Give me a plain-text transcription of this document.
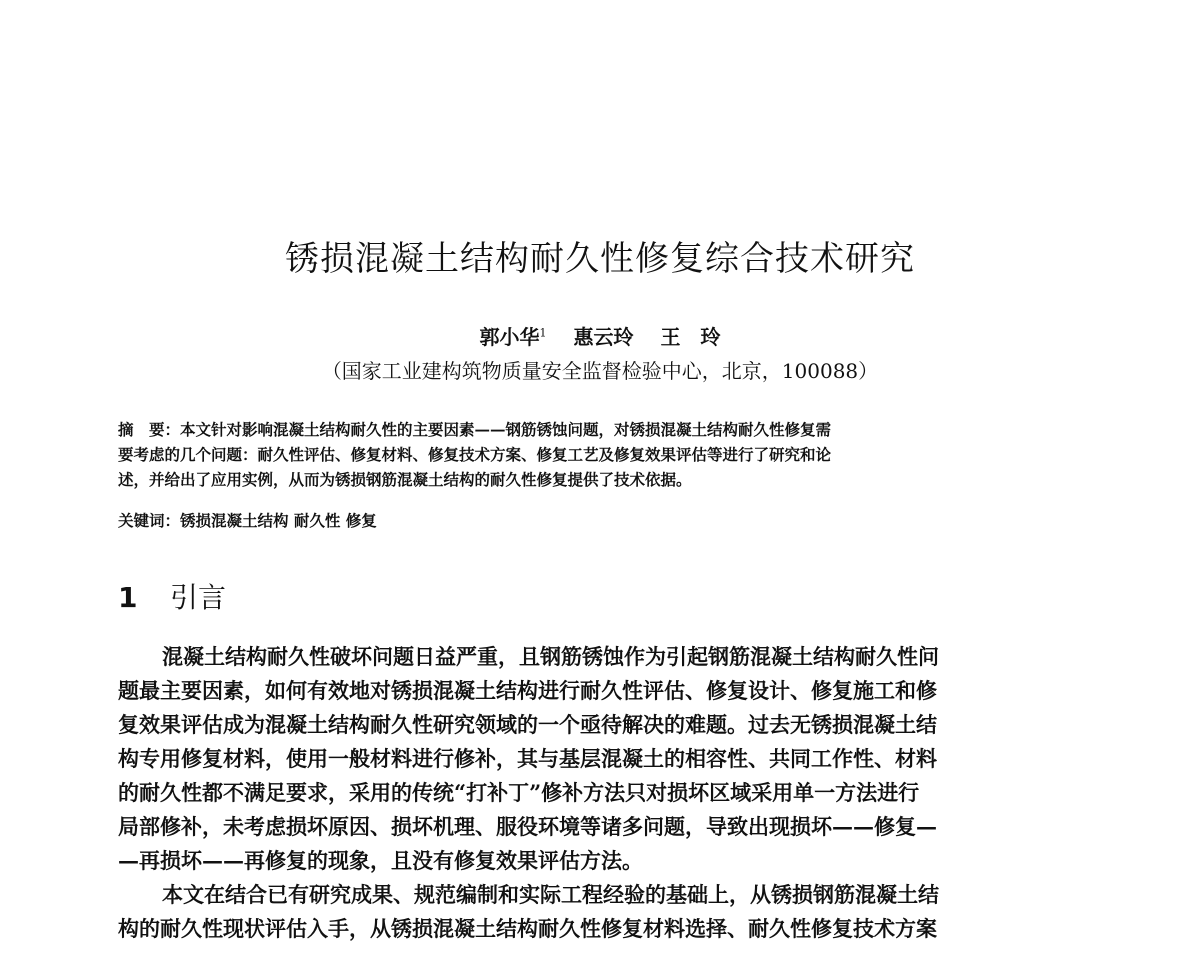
锈损混凝土结构耐久性修复综合技术研究
郭小华$^1$ 惠云玲 王　玲
（国家工业建构筑物质量安全监督检验中心，北京，100088）
摘　要：本文针对影响混凝土结构耐久性的主要因素——钢筋锈蚀问题，对锈损混凝土结构耐久性修复需
要考虑的几个问题：耐久性评估、修复材料、修复技术方案、修复工艺及修复效果评估等进行了研究和论
述，并给出了应用实例，从而为锈损钢筋混凝土结构的耐久性修复提供了技术依据。
关键词：锈损混凝土结构 耐久性 修复
1 引言
混凝土结构耐久性破坏问题日益严重，且钢筋锈蚀作为引起钢筋混凝土结构耐久性问
题最主要因素，如何有效地对锈损混凝土结构进行耐久性评估、修复设计、修复施工和修
复效果评估成为混凝土结构耐久性研究领域的一个亟待解决的难题。过去无锈损混凝土结
构专用修复材料，使用一般材料进行修补，其与基层混凝土的相容性、共同工作性、材料
的耐久性都不满足要求，采用的传统“打补丁”修补方法只对损坏区域采用单一方法进行
局部修补，未考虑损坏原因、损坏机理、服役环境等诸多问题，导致出现损坏——修复—
—再损坏——再修复的现象，且没有修复效果评估方法。
本文在结合已有研究成果、规范编制和实际工程经验的基础上，从锈损钢筋混凝土结
构的耐久性现状评估入手，从锈损混凝土结构耐久性修复材料选择、耐久性修复技术方案
